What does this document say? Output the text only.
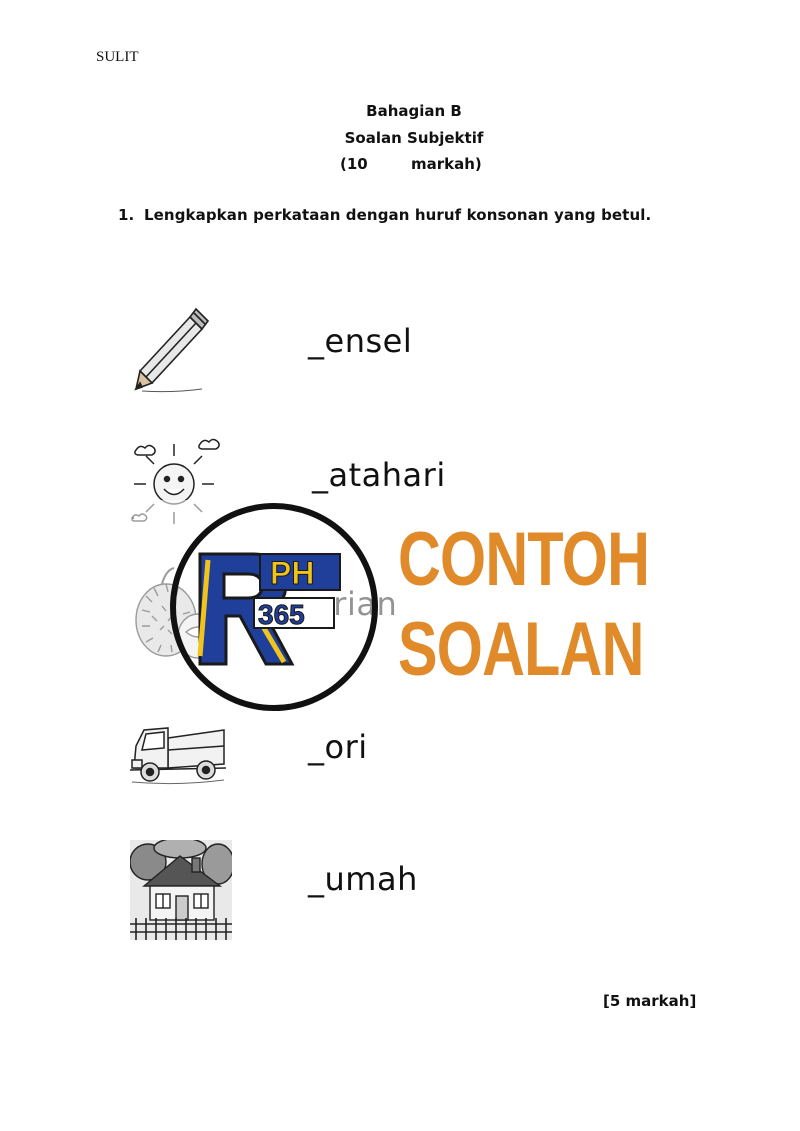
SULIT
Bahagian B
Soalan Subjektif
(10	markah)
1. Lengkapkan perkataan dengan huruf konsonan yang betul.
_ensel
_atahari
_ori
_umah
PH
365
CONTOH
SOALAN
[5 markah]
